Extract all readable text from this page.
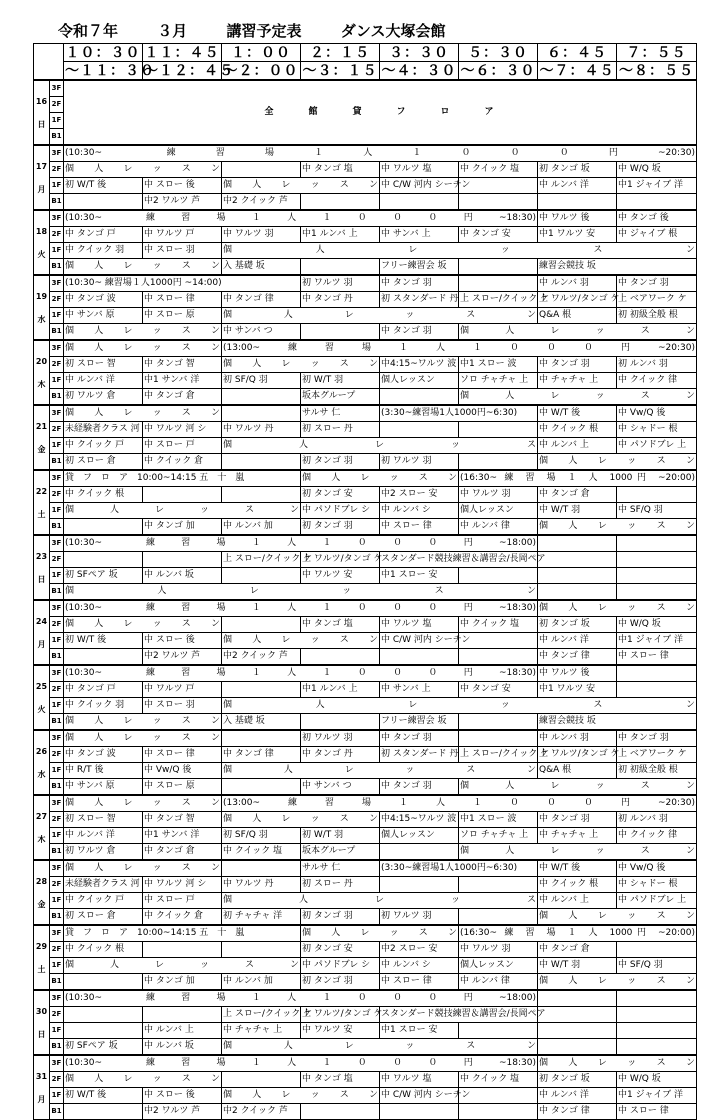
令和７年	３月	講習予定表	ダンス大塚会館
		１０：３０	１１：４５	１：００	２：１５	３：３０	５：３０	６：４５	７：５５
		～１１：３０	～１２：４５	～２：００	～３：１５	～４：３０	～６：３０	～７：４５	～８：５５

16
日	3F	全　　　館　　　貸　　　フ　　　ロ　　　ア							
	2F								
	1F								
	B1								

17
月	3F	(10:30~　　練　習　場　１　人　１　０　０　０　円　~20:30)							

	2F	個　人　レ　ッ　ス　ン			中 タンゴ 塩	中 ワルツ 塩	中 クイック 塩	初 タンゴ 坂	中 W/Q 坂
	1F	初 W/T 後	中 スロー 後	個　人　レ　ッ　ス　ン		中 C/W 河内 シーチン		中 ルンバ 洋	中1 ジャイブ 洋
	B1		中2 ワルツ 芦	中2 クイック 芦					

18
火	3F	(10:30~　　練　習　場　１　人　１　０　０　０　円　~18:30)						中 ワルツ 後	中 タンゴ 後
	2F	中 タンゴ 戸	中 ワルツ 戸	中 ワルツ 羽	中1 ルンバ 上	中 サンバ 上	中 タンゴ 安	中1 ワルツ 安	中 ジャイブ 根
	1F	中 クイック 羽	中 スロー 羽	個　　人　　レ　　ッ　　ス　　ン					

	B1	個　人　レ　ッ　ス　ン		入 基礎 坂		フリー練習会 坂		練習会競技 坂	

19
水	3F	(10:30~ 練習場１人1000円 ~14:00)			初 ワルツ 羽	中 タンゴ 羽		中 ルンバ 羽	中 タンゴ 羽
	2F	中 タンゴ 波	中 スロー 律	中 タンゴ 律	中 タンゴ 丹	初 スタンダード 丹	上 スロー/クイック ケ	上 ワルツ/タンゴ ケ	上 ベアワーク ケ
	1F	中 サンバ 原	中 スロー 原	個　　　人　　　レ　　　ッ　　　ス　　　ン				Q&A 根	初 初級全般 根
	B1	個　人　レ　ッ　ス　ン		中 サンバ つ		中 タンゴ 羽	個　　人　　レ　　ッ　　ス　　ン		

20
木	3F	個　人　レ　ッ　ス　ン		(13:00~　練　習　場　１　人　１　０　０　０　円　~20:30)					

	2F	初 スロー 智	中 タンゴ 智	個　　人　　レ　　ッ　　ス　　ン		中4:15~ワルツ 波	中1 スロー 波	中 タンゴ 羽	初 ルンバ 羽
	1F	中 ルンバ 洋	中1 サンバ 洋	初 SF/Q 羽	初 W/T 羽	個人レッスン	ソロ チャチャ 上	中 チャチャ 上	中 クイック 律
	B1	初 ワルツ 倉	中 タンゴ 倉		坂本グループ		個　　人　　レ　　ッ　　ス　　ン		

21
金	3F	個　人　レ　ッ　ス　ン			サルサ 仁	(3:30~練習場1人1000円~6:30)		中 W/T 後	中 Vw/Q 後
	2F	未経験者クラス 河	中 ワルツ 河 シ	中 ワルツ 丹	初 スロー 丹			中 クイック 根	中 シャドー 根
	1F	中 クイック 戸	中 スロー 戸	個　　　人　　　レ　　　ッ　　　ス				中 ルンバ 上	中 パソドブレ 上
	B1	初 スロー 倉	中 クイック 倉		初 タンゴ 羽	初 ワルツ 羽		個　人　レ　ッ　ス　ン	

22
土	3F	貸　フ　ロ　ア　10:00~14:15 五　十　嵐			個　人　レ　ッ　ス　ン		(16:30~ 練 習 場 １ 人 1000円 ~20:00)		

	2F	中 クイック 根			初 タンゴ 安	中2 スロー 安	中 ワルツ 羽	中 タンゴ 倉	
	1F	個　　人　　レ　　ッ　　ス　　ン			中 パソドブレ シ	中 ルンバ シ	個人レッスン	中 W/T 羽	中 SF/Q 羽
	B1		中 タンゴ 加	中 ルンバ 加	初 タンゴ 羽	中 スロー 律	中 ルンバ 律	個　人　レ　ッ　ス　ン	

23
日	3F	(10:30~　　練　習　場　１　人　１　０　０　０　円　~18:00)							

	2F			上 スロー/クイック ケ	上 ワルツ/タンゴ ケ	スタンダード競技練習＆講習会/長岡ペア			
	1F	初 SFペア 坂	中 ルンバ 坂		中 ワルツ 安	中1 スロー 安			
	B1	個　　　人　　　レ　　　ッ　　　ス　　　ン							

24
月	3F	(10:30~　　練　習　場　１　人　１　０　０　０　円　~18:30)						個　人　レ　ッ　ス　ン	

	2F	個　人　レ　ッ　ス　ン			中 タンゴ 塩	中 ワルツ 塩	中 クイック 塩	初 タンゴ 坂	中 W/Q 坂
	1F	初 W/T 後	中 スロー 後	個　人　レ　ッ　ス　ン		中 C/W 河内 シーチン		中 ルンバ 洋	中1 ジャイブ 洋
	B1		中2 ワルツ 芦	中2 クイック 芦				中 タンゴ 律	中 スロー 律

25
火	3F	(10:30~　　練　習　場　１　人　１　０　０　０　円　~18:30)						中 ワルツ 後	
	2F	中 タンゴ 戸	中 ワルツ 戸		中1 ルンバ 上	中 サンバ 上	中 タンゴ 安	中1 ワルツ 安	
	1F	中 クイック 羽	中 スロー 羽	個　　人　　レ　　ッ　　ス　　ン					

	B1	個　人　レ　ッ　ス　ン		入 基礎 坂		フリー練習会 坂		練習会競技 坂	

26
水	3F	個　人　レ　ッ　ス　ン			初 ワルツ 羽	中 タンゴ 羽		中 ルンバ 羽	中 タンゴ 羽
	2F	中 タンゴ 波	中 スロー 律	中 タンゴ 律	中 タンゴ 丹	初 スタンダード 丹	上 スロー/クイック ケ	上 ワルツ/タンゴ ケ	上 ベアワーク ケ
	1F	中 R/T 後	中 Vw/Q 後	個　　　人　　　レ　　　ッ　　　ス　　　ン				Q&A 根	初 初級全般 根
	B1	中 サンバ 原	中 スロー 原		中 サンバ つ	中 タンゴ 羽	個　　人　　レ　　ッ　　ス　　ン		

27
木	3F	個　人　レ　ッ　ス　ン		(13:00~　練　習　場　１　人　１　０　０　０　円　~20:30)					

	2F	初 スロー 智	中 タンゴ 智	個　　人　　レ　　ッ　　ス　　ン		中4:15~ワルツ 波	中1 スロー 波	中 タンゴ 羽	初 ルンバ 羽
	1F	中 ルンバ 洋	中1 サンバ 洋	初 SF/Q 羽	初 W/T 羽	個人レッスン	ソロ チャチャ 上	中 チャチャ 上	中 クイック 律
	B1	初 ワルツ 倉	中 タンゴ 倉	中 クイック 塩	坂本グループ		個　　人　　レ　　ッ　　ス　　ン		

28
金	3F	個　人　レ　ッ　ス　ン			サルサ 仁	(3:30~練習場1人1000円~6:30)		中 W/T 後	中 Vw/Q 後
	2F	未経験者クラス 河	中 ワルツ 河 シ	中 ワルツ 丹	初 スロー 丹			中 クイック 根	中 シャドー 根
	1F	中 クイック 戸	中 スロー 戸	個　　　人　　　レ　　　ッ　　　ス				中 ルンバ 上	中 パソドブレ 上
	B1	初 スロー 倉	中 クイック 倉	初 チャチャ 洋	初 タンゴ 羽	初 ワルツ 羽		個　人　レ　ッ　ス　ン	

29
土	3F	貸　フ　ロ　ア　10:00~14:15 五　十　嵐			個　人　レ　ッ　ス　ン		(16:30~ 練 習 場 １ 人 1000円 ~20:00)		

	2F	中 クイック 根			初 タンゴ 安	中2 スロー 安	中 ワルツ 羽	中 タンゴ 倉	
	1F	個　　人　　レ　　ッ　　ス　　ン			中 パソドブレ シ	中 ルンバ シ	個人レッスン	中 W/T 羽	中 SF/Q 羽
	B1		中 タンゴ 加	中 ルンバ 加	初 タンゴ 羽	中 スロー 律	中 ルンバ 律	個　人　レ　ッ　ス　ン	

30
日	3F	(10:30~　　練　習　場　１　人　１　０　０　０　円　~18:00)							

	2F			上 スロー/クイック ケ	上 ワルツ/タンゴ ケ	スタンダード競技練習＆講習会/長岡ペア			
	1F		中 ルンバ 上	中 チャチャ 上	中 ワルツ 安	中1 スロー 安			
	B1	初 SFペア 坂	中 ルンバ 坂	個　　　人　　　レ　　　ッ　　　ス　　　ン					

31
月	3F	(10:30~　　練　習　場　１　人　１　０　０　０　円　~18:30)						個　人　レ　ッ　ス　ン	

	2F	個　人　レ　ッ　ス　ン			中 タンゴ 塩	中 ワルツ 塩	中 クイック 塩	初 タンゴ 坂	中 W/Q 坂
	1F	初 W/T 後	中 スロー 後	個　人　レ　ッ　ス　ン		中 C/W 河内 シーチン		中 ルンバ 洋	中1 ジャイブ 洋
	B1		中2 ワルツ 芦	中2 クイック 芦				中 タンゴ 律	中 スロー 律
